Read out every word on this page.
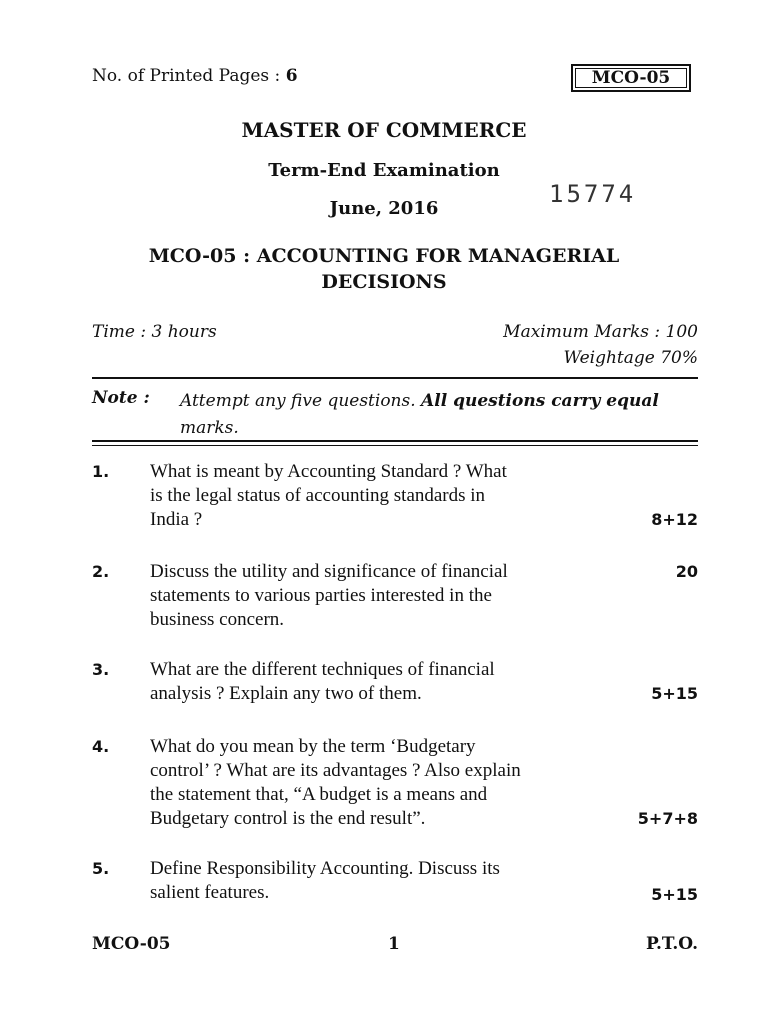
No. of Printed Pages : 6	MCO-05
MASTER OF COMMERCE
Term-End Examination
June, 2016
15774
MCO-05 : ACCOUNTING FOR MANAGERIAL
DECISIONS
Time : 3 hours	Maximum Marks : 100
Weightage 70%
Note : Attempt any five questions. All questions carry equal
marks.
1. What is meant by Accounting Standard ? What
is the legal status of accounting standards in
India ?	8+12
2. Discuss the utility and significance of financial
statements to various parties interested in the
business concern.
20
3. What are the different techniques of financial
analysis ? Explain any two of them.	5+15
4. What do you mean by the term ‘Budgetary
control’ ? What are its advantages ? Also explain
the statement that, “A budget is a means and
Budgetary control is the end result”.	5+7+8
5. Define Responsibility Accounting. Discuss its
salient features.	5+15
MCO-05	1	P.T.O.
